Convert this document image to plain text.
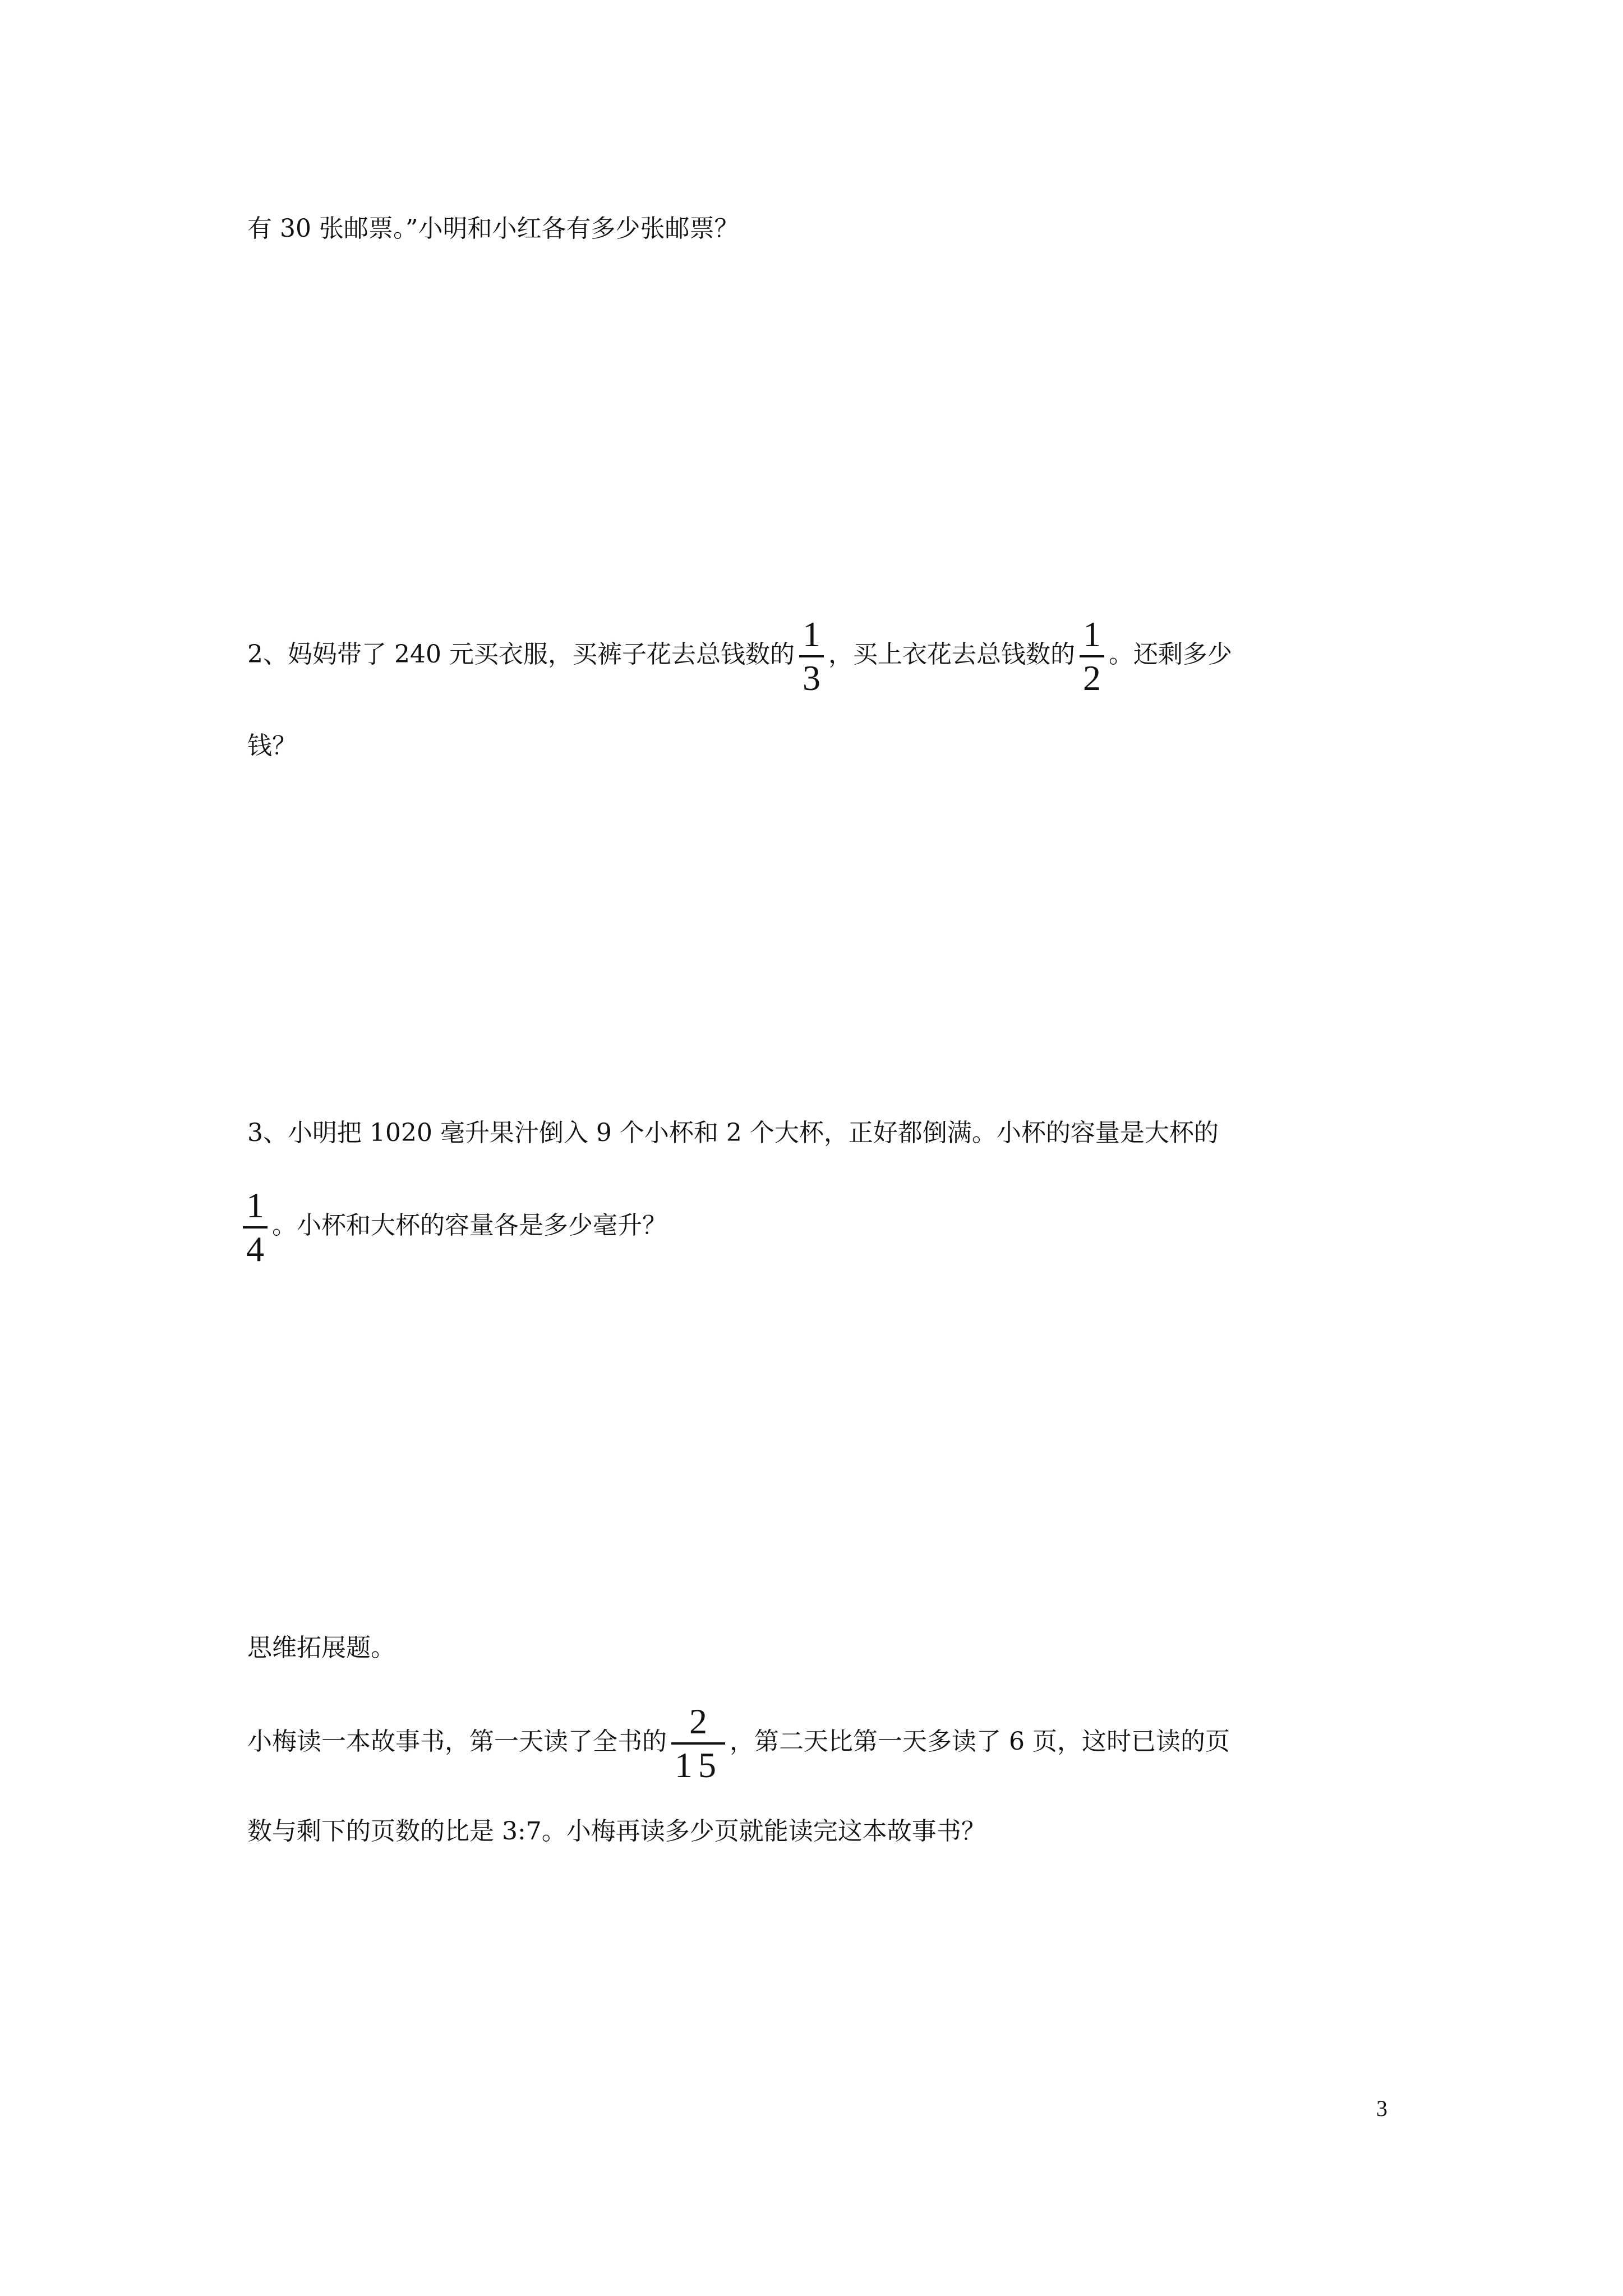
有 30 张邮票。”小明和小红各有多少张邮票？
2、妈妈带了 240 元买衣服，买裤子花去总钱数的 $\frac{1}{3}$ ，买上衣花去总钱数的 $\frac{1}{2}$ 。还剩多少
钱？
3、小明把 1020 毫升果汁倒入 9 个小杯和 2 个大杯，正好都倒满。小杯的容量是大杯的
$\frac{1}{4}$ 。小杯和大杯的容量各是多少毫升？
思维拓展题。
小梅读一本故事书，第一天读了全书的 $\frac{2}{15}$ ，第二天比第一天多读了 6 页，这时已读的页
数与剩下的页数的比是 3:7。小梅再读多少页就能读完这本故事书？
3
